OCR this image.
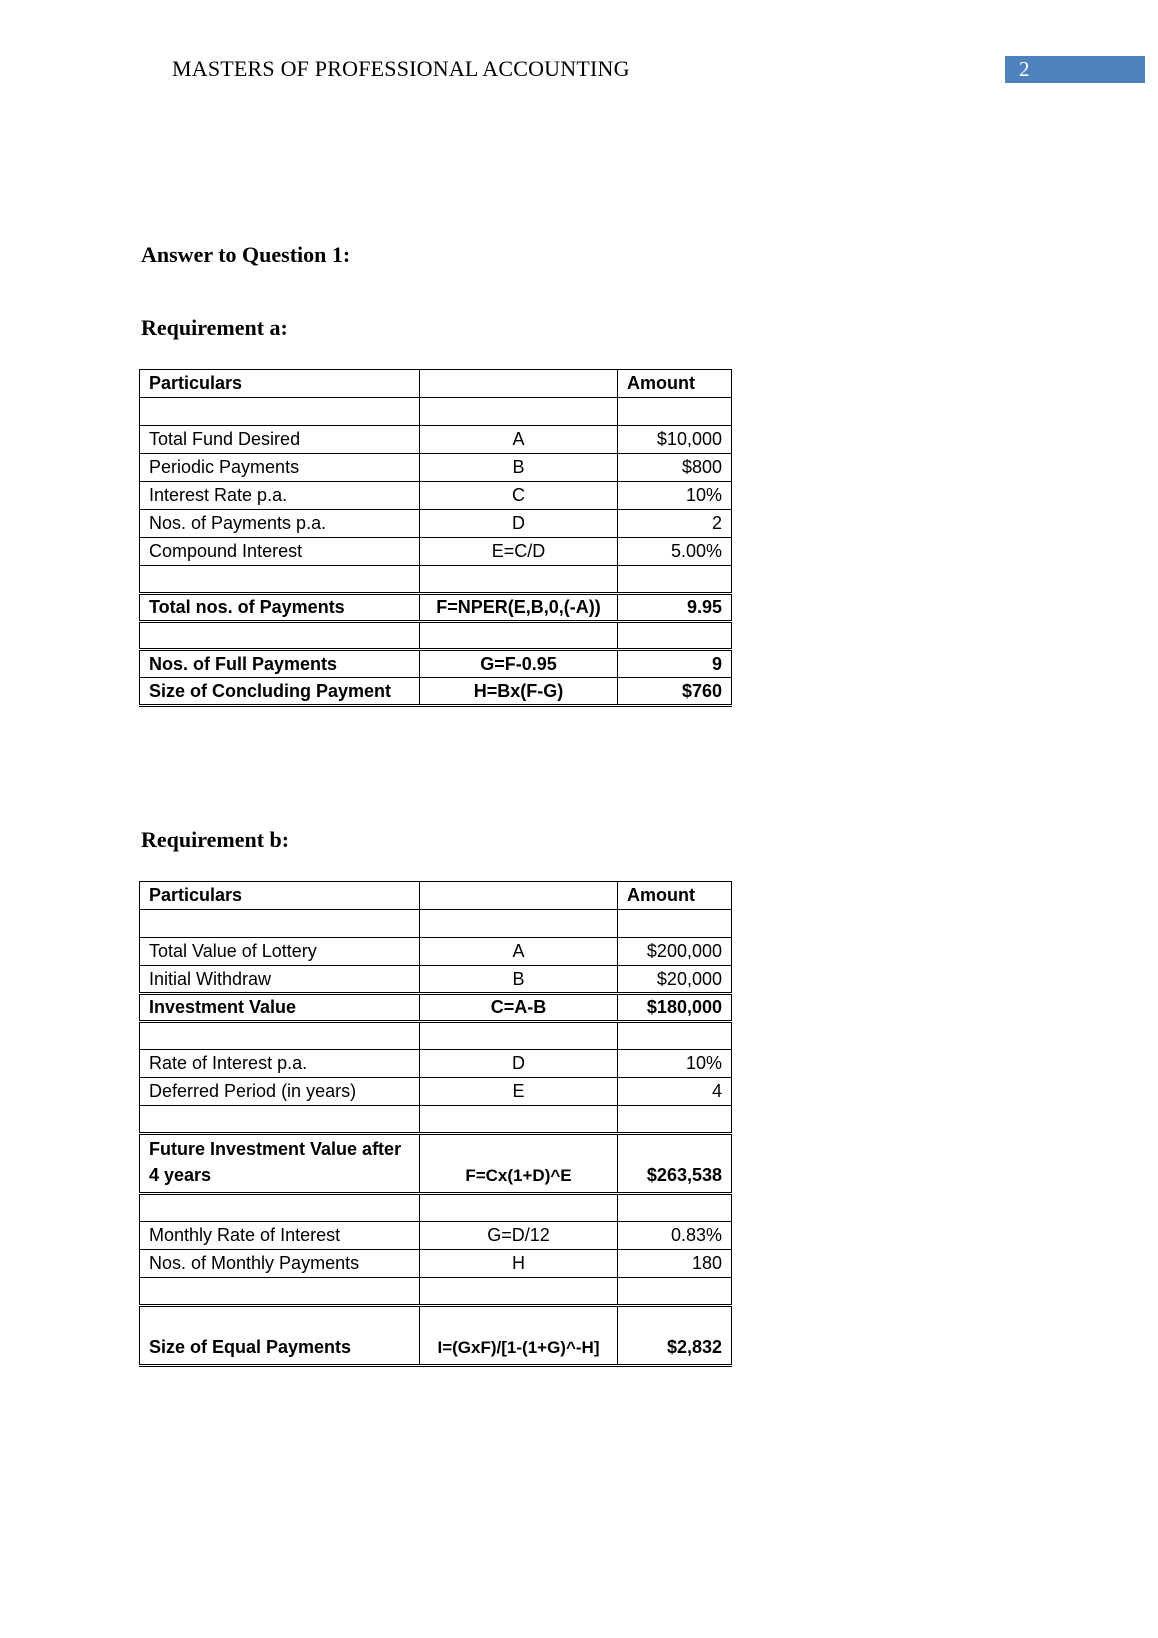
MASTERS OF PROFESSIONAL ACCOUNTING	2
Answer to Question 1:
Requirement a:
Particulars		Amount

Total Fund Desired	A	$10,000
Periodic Payments	B	$800
Interest Rate p.a.	C	10%
Nos. of Payments p.a.	D	2
Compound Interest	E=C/D	5.00%

Total nos. of Payments	F=NPER(E,B,0,(-A))	9.95

Nos. of Full Payments	G=F-0.95	9
Size of Concluding Payment	H=Bx(F-G)	$760
Requirement b:
Particulars		Amount

Total Value of Lottery	A	$200,000
Initial Withdraw	B	$20,000
Investment Value	C=A-B	$180,000

Rate of Interest p.a.	D	10%
Deferred Period (in years)	E	4

Future Investment Value after 4 years	F=Cx(1+D)^E	$263,538

Monthly Rate of Interest	G=D/12	0.83%
Nos. of Monthly Payments	H	180

Size of Equal Payments	I=(GxF)/[1-(1+G)^-H]	$2,832
